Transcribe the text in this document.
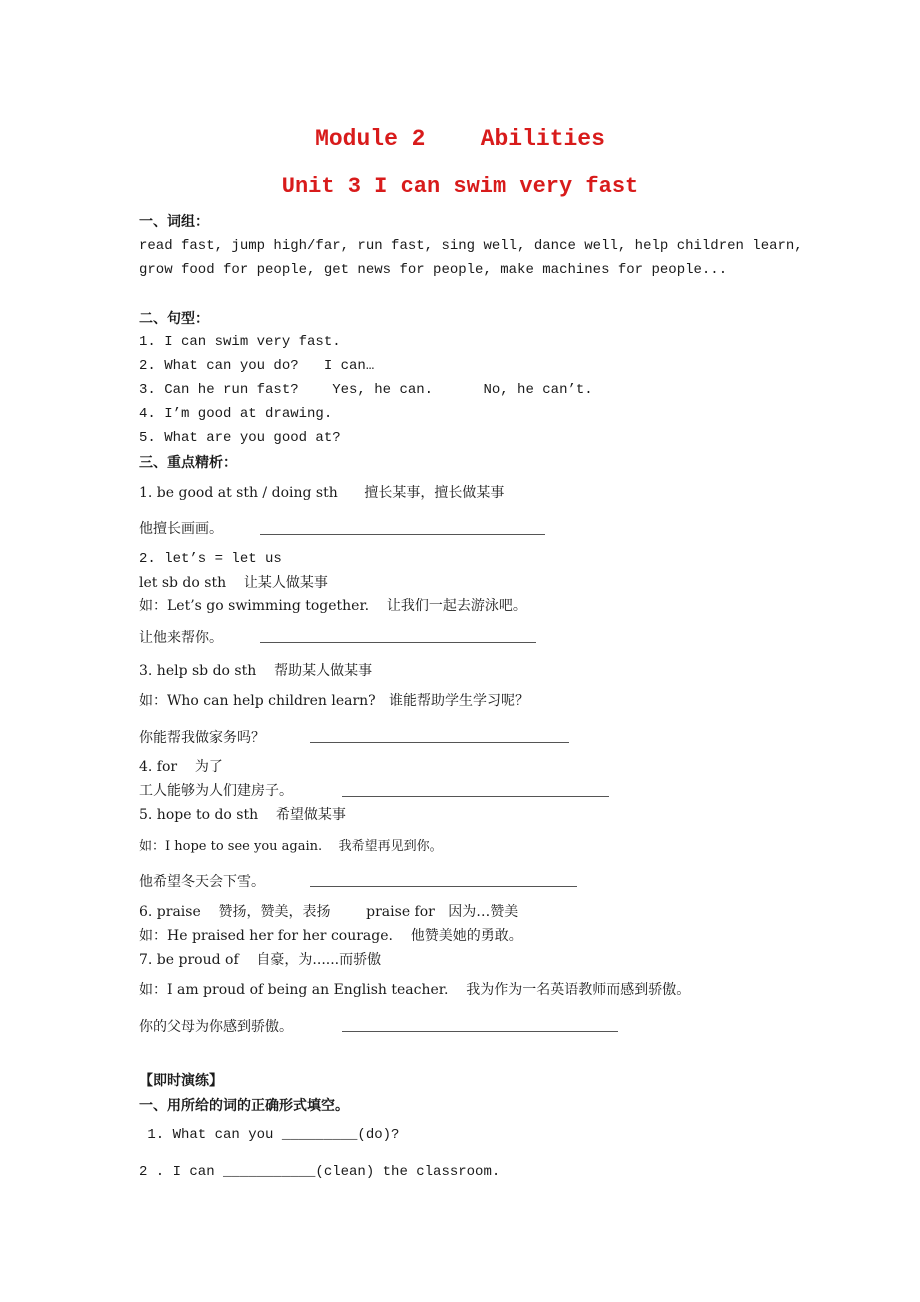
Module 2    Abilities
Unit 3 I can swim very fast
一、词组：
read fast, jump high/far, run fast, sing well, dance well, help children learn,
grow food for people, get news for people, make machines for people...
二、句型：
1. I can swim very fast.
2. What can you do?   I can…
3. Can he run fast?    Yes, he can.      No, he can’t.
4. I’m good at drawing.
5. What are you good at?
三、重点精析：
1. be good at sth / doing sth      擅长某事，擅长做某事
他擅长画画。
2. let’s = let us
let sb do sth    让某人做某事
如：Let’s go swimming together.    让我们一起去游泳吧。
让他来帮你。
3. help sb do sth    帮助某人做某事
如：Who can help children learn?   谁能帮助学生学习呢？
你能帮我做家务吗？
4. for    为了
工人能够为人们建房子。
5. hope to do sth    希望做某事
如：I hope to see you again.    我希望再见到你。
他希望冬天会下雪。
6. praise    赞扬，赞美，表扬        praise for   因为…赞美
如：He praised her for her courage.    他赞美她的勇敢。
7. be proud of    自豪，为......而骄傲
如：I am proud of being an English teacher.    我为作为一名英语教师而感到骄傲。
你的父母为你感到骄傲。
【即时演练】
一、用所给的词的正确形式填空。
1. What can you _________(do)?
2 . I can ___________(clean) the classroom.
